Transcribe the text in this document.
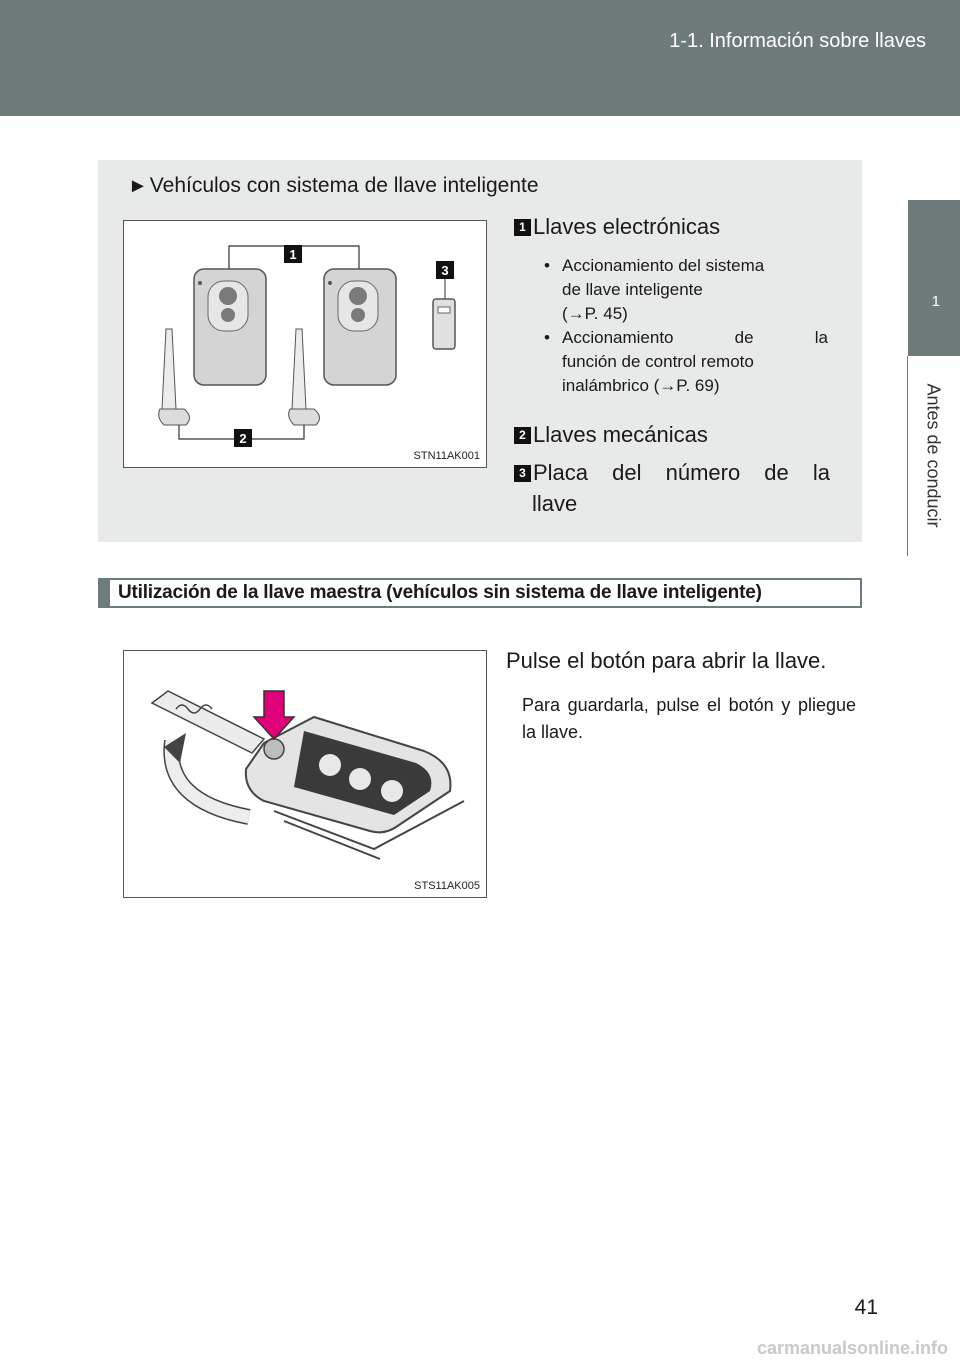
1-1. Información sobre llaves
1
Antes de conducir
►Vehículos con sistema de llave inteligente
1
3
2
STN11AK001
1 Llaves electrónicas
• Accionamiento del sistema
de llave inteligente
(→P. 45)
• Accionamiento de la
función de control remoto
inalámbrico (→P. 69)
2 Llaves mecánicas
3 Placa del número de la
llave
Utilización de la llave maestra (vehículos sin sistema de llave inteligente)
STS11AK005
Pulse el botón para abrir la llave.
Para guardarla, pulse el botón y pliegue la llave.
41
carmanualsonline.info
